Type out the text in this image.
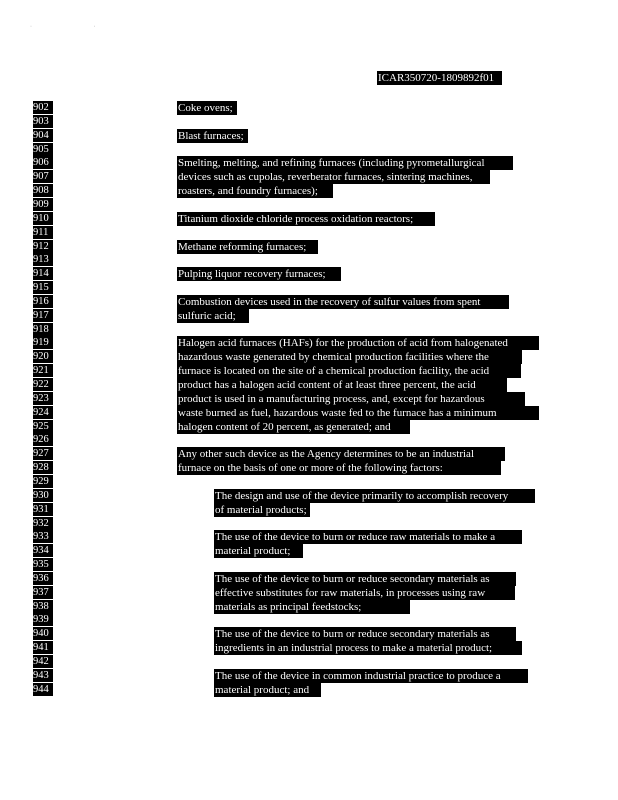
· ·
ICAR350720-1809892f01
902
903
904
905
906
907
908
909
910
911
912
913
914
915
916
917
918
919
920
921
922
923
924
925
926
927
928
929
930
931
932
933
934
935
936
937
938
939
940
941
942
943
944
Coke ovens;
Blast furnaces;
Smelting, melting, and refining furnaces (including pyrometallurgical
devices such as cupolas, reverberator furnaces, sintering machines,
roasters, and foundry furnaces);
Titanium dioxide chloride process oxidation reactors;
Methane reforming furnaces;
Pulping liquor recovery furnaces;
Combustion devices used in the recovery of sulfur values from spent
sulfuric acid;
Halogen acid furnaces (HAFs) for the production of acid from halogenated
hazardous waste generated by chemical production facilities where the
furnace is located on the site of a chemical production facility, the acid
product has a halogen acid content of at least three percent, the acid
product is used in a manufacturing process, and, except for hazardous
waste burned as fuel, hazardous waste fed to the furnace has a minimum
halogen content of 20 percent, as generated; and
Any other such device as the Agency determines to be an industrial
furnace on the basis of one or more of the following factors:
The design and use of the device primarily to accomplish recovery
of material products;
The use of the device to burn or reduce raw materials to make a
material product;
The use of the device to burn or reduce secondary materials as
effective substitutes for raw materials, in processes using raw
materials as principal feedstocks;
The use of the device to burn or reduce secondary materials as
ingredients in an industrial process to make a material product;
The use of the device in common industrial practice to produce a
material product; and
